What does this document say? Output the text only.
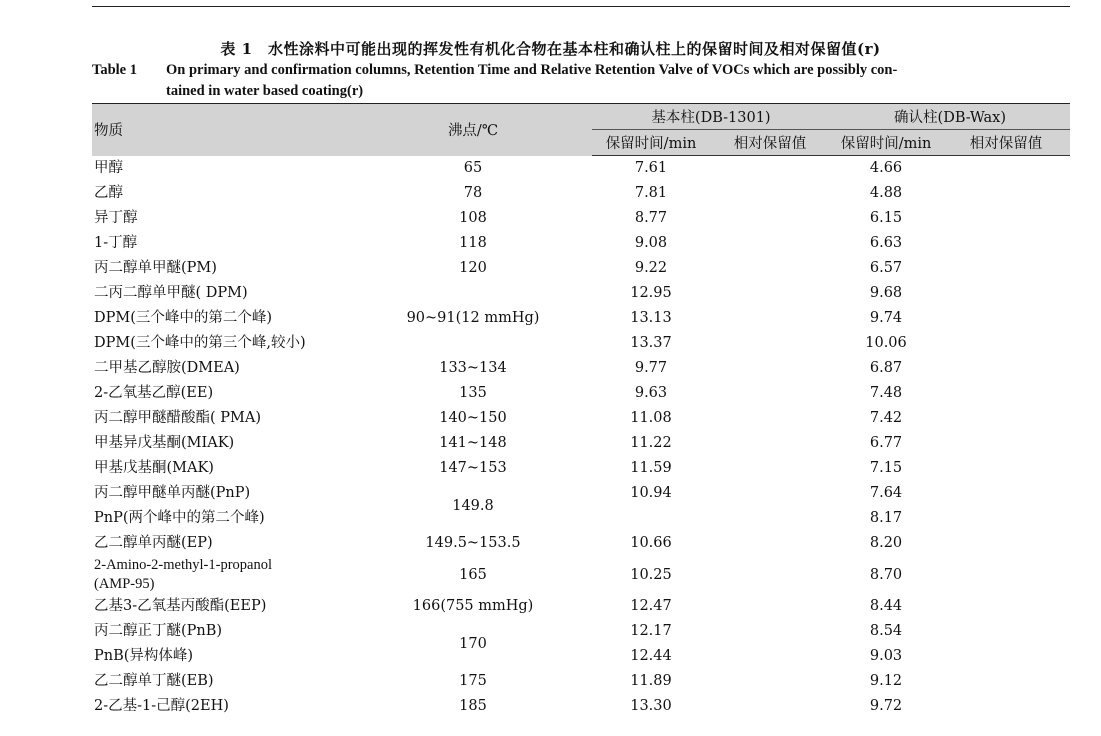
表 1　水性涂料中可能出现的挥发性有机化合物在基本柱和确认柱上的保留时间及相对保留值(r)
Table 1 On primary and confirmation columns, Retention Time and Relative Retention Valve of VOCs which are possibly con-
tained in water based coating(r)
物质	沸点/℃	基本柱(DB-1301)		确认柱(DB-Wax)	
		保留时间/min	相对保留值	保留时间/min	相对保留值
甲醇	65	7.61		4.66	
乙醇	78	7.81		4.88	
异丁醇	108	8.77		6.15	
1-丁醇	118	9.08		6.63	
丙二醇单甲醚(PM)	120	9.22		6.57	
二丙二醇单甲醚( DPM)		12.95		9.68	
DPM(三个峰中的第二个峰)	90~91(12 mmHg)	13.13		9.74	
DPM(三个峰中的第三个峰,较小)		13.37		10.06	
二甲基乙醇胺(DMEA)	133~134	9.77		6.87	
2-乙氧基乙醇(EE)	135	9.63		7.48	
丙二醇甲醚醋酸酯( PMA)	140~150	11.08		7.42	
甲基异戊基酮(MIAK)	141~148	11.22		6.77	
甲基戊基酮(MAK)	147~153	11.59		7.15	
丙二醇甲醚单丙醚(PnP)	149.8	10.94		7.64	
PnP(两个峰中的第二个峰)				8.17	
乙二醇单丙醚(EP)	149.5~153.5	10.66		8.20	
2-Amino-2-methyl-1-propanol
(AMP-95)	165	10.25		8.70	
乙基3-乙氧基丙酸酯(EEP)	166(755 mmHg)	12.47		8.44	
丙二醇正丁醚(PnB)	170	12.17		8.54	
PnB(异构体峰)		12.44		9.03	
乙二醇单丁醚(EB)	175	11.89		9.12	
2-乙基-1-己醇(2EH)	185	13.30		9.72	
